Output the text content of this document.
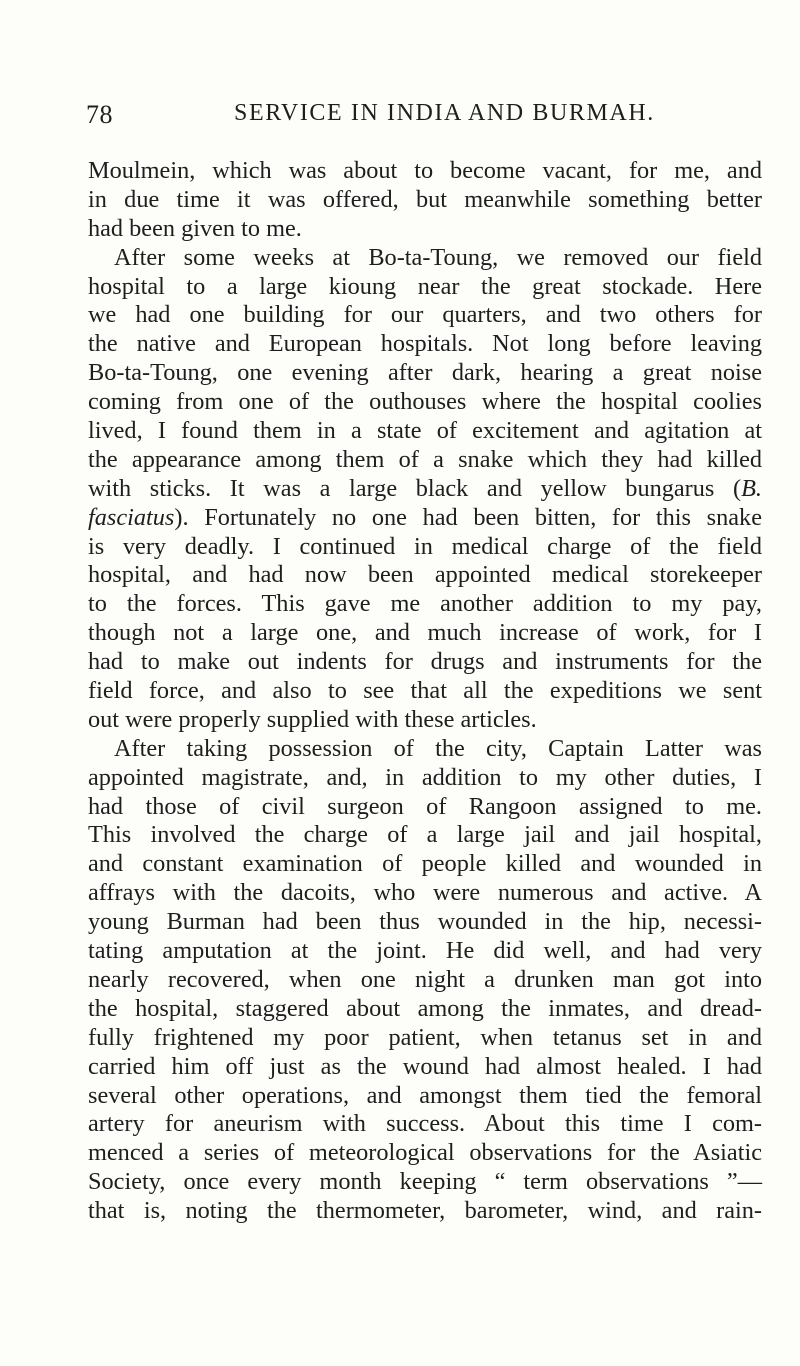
78	SERVICE IN INDIA AND BURMAH.
Moulmein, which was about to become vacant, for me, and
in due time it was offered, but meanwhile something better
had been given to me.
After some weeks at Bo-ta-Toung, we removed our field
hospital to a large kioung near the great stockade. Here
we had one building for our quarters, and two others for
the native and European hospitals. Not long before leaving
Bo-ta-Toung, one evening after dark, hearing a great noise
coming from one of the outhouses where the hospital coolies
lived, I found them in a state of excitement and agitation at
the appearance among them of a snake which they had killed
with sticks. It was a large black and yellow bungarus (B.
fasciatus). Fortunately no one had been bitten, for this snake
is very deadly. I continued in medical charge of the field
hospital, and had now been appointed medical storekeeper
to the forces. This gave me another addition to my pay,
though not a large one, and much increase of work, for I
had to make out indents for drugs and instruments for the
field force, and also to see that all the expeditions we sent
out were properly supplied with these articles.
After taking possession of the city, Captain Latter was
appointed magistrate, and, in addition to my other duties, I
had those of civil surgeon of Rangoon assigned to me.
This involved the charge of a large jail and jail hospital,
and constant examination of people killed and wounded in
affrays with the dacoits, who were numerous and active. A
young Burman had been thus wounded in the hip, necessi-
tating amputation at the joint. He did well, and had very
nearly recovered, when one night a drunken man got into
the hospital, staggered about among the inmates, and dread-
fully frightened my poor patient, when tetanus set in and
carried him off just as the wound had almost healed. I had
several other operations, and amongst them tied the femoral
artery for aneurism with success. About this time I com-
menced a series of meteorological observations for the Asiatic
Society, once every month keeping “ term observations ”—
that is, noting the thermometer, barometer, wind, and rain-
